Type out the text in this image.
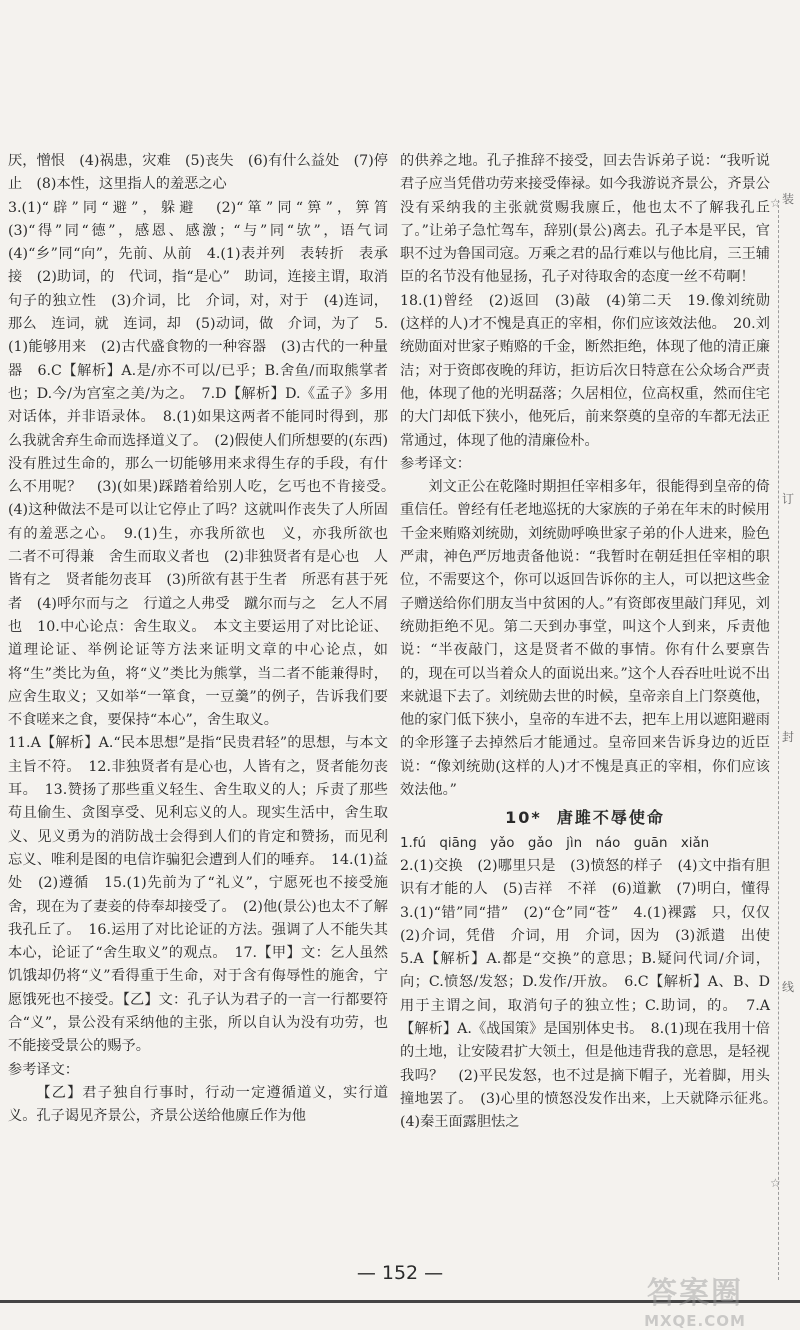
厌，憎恨　(4)祸患，灾难　(5)丧失　(6)有什么益处　(7)停止　(8)本性，这里指人的羞恶之心

3.(1)“辟”同“避”，躲避　(2)“箪”同“箅”，箅筲　(3)“得”同“德”，感恩、感激；“与”同“欤”，语气词　(4)“乡”同“向”，先前、从前　4.(1)表并列　表转折　表承接　(2)助词，的　代词，指“是心”　助词，连接主谓，取消句子的独立性　(3)介词，比　介词，对，对于　(4)连词，那么　连词，就　连词，却　(5)动词，做　介词，为了　5.(1)能够用来　(2)古代盛食物的一种容器　(3)古代的一种量器　6.C【解析】A.是/亦不可以/已乎；B.舍鱼/而取熊掌者也；D.今/为宫室之美/为之。　7.D【解析】D.《孟子》多用对话体，并非语录体。　8.(1)如果这两者不能同时得到，那么我就舍弃生命而选择道义了。　(2)假使人们所想要的(东西)没有胜过生命的，那么一切能够用来求得生存的手段，有什么不用呢？　(3)(如果)踩踏着给别人吃，乞丐也不肯接受。　(4)这种做法不是可以让它停止了吗？这就叫作丧失了人所固有的羞恶之心。　9.(1)生，亦我所欲也　义，亦我所欲也　二者不可得兼　舍生而取义者也　(2)非独贤者有是心也　人皆有之　贤者能勿丧耳　(3)所欲有甚于生者　所恶有甚于死者　(4)呼尔而与之　行道之人弗受　蹴尔而与之　乞人不屑也　10.中心论点：舍生取义。　本文主要运用了对比论证、道理论证、举例论证等方法来证明文章的中心论点，如将“生”类比为鱼，将“义”类比为熊掌，当二者不能兼得时，应舍生取义；又如举“一箪食，一豆羹”的例子，告诉我们要不食嗟来之食，要保持“本心”，舍生取义。

11.A【解析】A.“民本思想”是指“民贵君轻”的思想，与本文主旨不符。　12.非独贤者有是心也，人皆有之，贤者能勿丧耳。　13.赞扬了那些重义轻生、舍生取义的人；斥责了那些苟且偷生、贪图享受、见利忘义的人。现实生活中，舍生取义、见义勇为的消防战士会得到人们的肯定和赞扬，而见利忘义、唯利是图的电信诈骗犯会遭到人们的唾弃。　14.(1)益处　(2)遵循　15.(1)先前为了“礼义”，宁愿死也不接受施舍，现在为了妻妾的侍奉却接受了。　(2)他(景公)也太不了解我孔丘了。　16.运用了对比论证的方法。强调了人不能失其本心，论证了“舍生取义”的观点。　17.【甲】文：乞人虽然饥饿却仍将“义”看得重于生命，对于含有侮辱性的施舍，宁愿饿死也不接受。【乙】文：孔子认为君子的一言一行都要符合“义”，景公没有采纳他的主张，所以自认为没有功劳，也不能接受景公的赐予。

参考译文：

【乙】君子独自行事时，行动一定遵循道义，实行道义。孔子谒见齐景公，齐景公送给他廪丘作为他

的供养之地。孔子推辞不接受，回去告诉弟子说：“我听说君子应当凭借功劳来接受俸禄。如今我游说齐景公，齐景公没有采纳我的主张就赏赐我廪丘，他也太不了解我孔丘了。”让弟子急忙驾车，辞别(景公)离去。孔子本是平民，官职不过为鲁国司寇。万乘之君的品行难以与他比肩，三王辅臣的名节没有他显扬，孔子对待取舍的态度一丝不苟啊！

18.(1)曾经　(2)返回　(3)敲　(4)第二天　19.像刘统勋(这样的人)才不愧是真正的宰相，你们应该效法他。　20.刘统勋面对世家子贿赂的千金，断然拒绝，体现了他的清正廉洁；对于资郎夜晚的拜访，拒访后次日特意在公众场合严责他，体现了他的光明磊落；久居相位，位高权重，然而住宅的大门却低下狭小，他死后，前来祭奠的皇帝的车都无法正常通过，体现了他的清廉俭朴。

参考译文：

刘文正公在乾隆时期担任宰相多年，很能得到皇帝的倚重信任。曾经有任老地巡抚的大家族的子弟在年末的时候用千金来贿赂刘统勋，刘统勋呼唤世家子弟的仆人进来，脸色严肃，神色严厉地责备他说：“我暂时在朝廷担任宰相的职位，不需要这个，你可以返回告诉你的主人，可以把这些金子赠送给你们朋友当中贫困的人。”有资郎夜里敲门拜见，刘统勋拒绝不见。第二天到办事堂，叫这个人到来，斥责他说：“半夜敲门，这是贤者不做的事情。你有什么要禀告的，现在可以当着众人的面说出来。”这个人吞吞吐吐说不出来就退下去了。刘统勋去世的时候，皇帝亲自上门祭奠他，他的家门低下狭小，皇帝的车进不去，把车上用以遮阳避雨的伞形篷子去掉然后才能通过。皇帝回来告诉身边的近臣说：“像刘统勋(这样的人)才不愧是真正的宰相，你们应该效法他。”

10* 唐雎不辱使命

1.fú　qiāng　yǎo　gǎo　jìn　náo　guān　xiǎn

2.(1)交换　(2)哪里只是　(3)愤怒的样子　(4)文中指有胆识有才能的人　(5)吉祥　不祥　(6)道歉　(7)明白，懂得　3.(1)“错”同“措”　(2)“仓”同“苍”　4.(1)裸露　只，仅仅　(2)介词，凭借　介词，用　介词，因为　(3)派遣　出使　5.A【解析】A.都是“交换”的意思；B.疑问代词/介词，向；C.愤怒/发怒；D.发作/开放。　6.C【解析】A、B、D用于主谓之间，取消句子的独立性；C.助词，的。　7.A【解析】A.《战国策》是国别体史书。　8.(1)现在我用十倍的土地，让安陵君扩大领土，但是他违背我的意思，是轻视我吗？　(2)平民发怒，也不过是摘下帽子，光着脚，用头撞地罢了。　(3)心里的愤怒没发作出来，上天就降示征兆。　(4)秦王面露胆怯之

☆ 装
订
封
线
☆
— 152 —
答案圈
MXQE.COM
